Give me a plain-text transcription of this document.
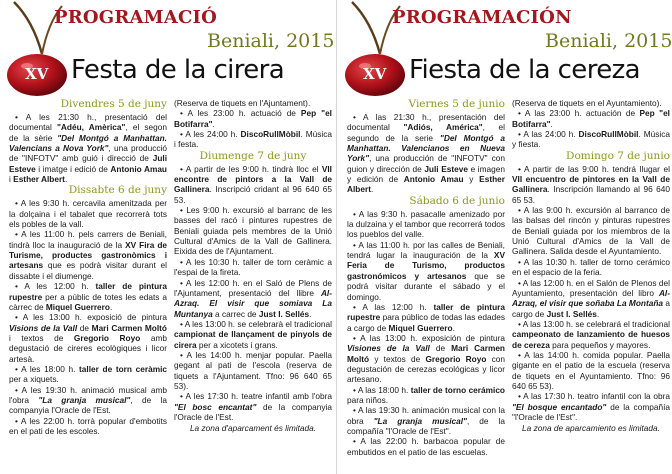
PROGRAMACIÓ
Beniali, 2015
XV Festa de la cirera
Divendres 5 de juny

• A les 21:30 h., presentació del documental "Adéu, Amèrica", el segon de la sèrie "Del Montgó a Manhattan. Valencians a Nova York", una producció de "INFOTV" amb guió i direcció de Juli Esteve i imatge i edició de Antonio Amau i Esther Albert.

Dissabte 6 de juny

• A les 9:30 h. cercavila amenitzada per la dolçaina i el tabalet que recorrerà tots els pobles de la vall.

• A les 11:00 h. pels carrers de Beniali, tindrà lloc la inauguració de la XV Fira de Turisme, productes gastronòmics i artesans que es podrà visitar durant el dissabte i el diumenge.

• A les 12:00 h. taller de pintura rupestre per a públic de totes les edats a càrrec de Miquel Guerrero.

• A les 13:00 h. exposició de pintura Visions de la Vall de Mari Carmen Moltó i textos de Gregorio Royo amb degustació de cireres ecològiques i licor artesà.

• A les 18:00 h. taller de torn ceràmic per a xiquets.

• A les 19:30 h. animació musical amb l'obra "La granja musical", de la companyia l'Oracle de l'Est.

• A les 22:00 h. torrà popular d'embotits en el pati de les escoles.

(Reserva de tiquets en l'Ajuntament).

• A les 23:00 h. actuació de Pep "el Botifarra".

• A les 24:00 h. DiscoRullMòbil. Música i festa.

Diumenge 7 de juny

• A partir de les 9:00 h. tindrà lloc el VII encontre de pintors a la Vall de Gallinera. Inscripció cridant al 96 640 65 53.

• Les 9:00 h. excursió al barranc de les basses del racó i pintures rupestres de Beniali guiada pels membres de la Unió Cultural d'Amics de la Vall de Gallinera. Eixida des de l'Ajuntament.

• A les 10:30 h. taller de torn ceràmic a l'espai de la fireta.

• A les 12:00 h. en el Saló de Plens de l'Ajuntament, presentació del llibre Al-Azraq. El visir que somiava La Muntanya a carrec de Just I. Sellés.

• A les 13:00 h. se celebrarà el tradicional campionat de llançament de pinyols de cirera per a xicotets i grans.

• A les 14:00 h. menjar popular. Paella gegant al pati de l'escola (reserva de tiquets a l'Ajuntament. Tfno: 96 640 65 53).

• A les 17:30 h. teatre infantil amb l'obra "El bosc encantat" de la companyia l'Oracle de l'Est.

La zona d'aparcament és limitada.

PROGRAMACIÓN
Beniali, 2015
XV Fiesta de la cereza
Viernes 5 de junio

• A las 21:30 h., presentación del documental "Adiós, América", el segundo de la serie "Del Montgó a Manhattan. Valencianos en Nueva York", una producción de "INFOTV" con guion y dirección de Juli Esteve e imagen y edición de Antonio Amau y Esther Albert.

Sábado 6 de junio

• A las 9:30 h. pasacalle amenizado por la dulzaina y el tambor que recorrerá todos los pueblos del valle.

• A las 11:00 h. por las calles de Beniali, tendrá lugar la inauguración de la XV Feria de Turismo, productos gastronómicos y artesanos que se podrá visitar durante el sábado y el domingo.

• A las 12:00 h. taller de pintura rupestre para público de todas las edades a cargo de Miquel Guerrero.

• A las 13:00 h. exposición de pintura Visiones de la Vall de Mari Carmen Moltó y textos de Gregorio Royo con degustación de cerezas ecológicas y licor artesano.

• A las 18:00 h. taller de torno cerámico para niños.

• A las 19:30 h. animación musical con la obra "La granja musical", de la compañía "l'Oracle de l'Est".

• A las 22:00 h. barbacoa popular de embutidos en el patio de las escuelas.

(Reserva de tiquets en el Ayuntamiento).

• A las 23:00 h. actuación de Pep "el Botifarra".

• A las 24:00 h. DiscoRullMòbil. Música y fiesta.

Domingo 7 de junio

• A partir de las 9:00 h. tendrá llugar el VII encuentro de pintores en la Vall de Gallinera. Inscripción llamando al 96 640 65 53.

• A las 9:00 h. excursión al barranco de las balsas del rincón y pinturas rupestres de Beniali guiada por los miembros de la Unió Cultural d'Amics de la Vall de Gallinera. Salida desde el Ayuntamiento.

• A las 10:30 h. taller de torno cerámico en el espacio de la feria.

• A las 12:00 h. en el Salón de Plenos del Ayuntamiento, presentación del libro Al-Azraq, el visir que soñaba La Montaña a cargo de Just I. Sellés.

• A las 13:00 h. se celebrará el tradicional campeonato de lanzamiento de huesos de cereza para pequeños y mayores.

• A las 14:00 h. comida popular. Paella gigante en el patio de la escuela (reserva de tiquets en el Ayuntamiento. Tfno: 96 640 65 53).

• A las 17:30 h. teatro infantil con la obra "El bosque encantado" de la compañía "l'Oracle de l'Est".

La zona de aparcamiento es limitada.
